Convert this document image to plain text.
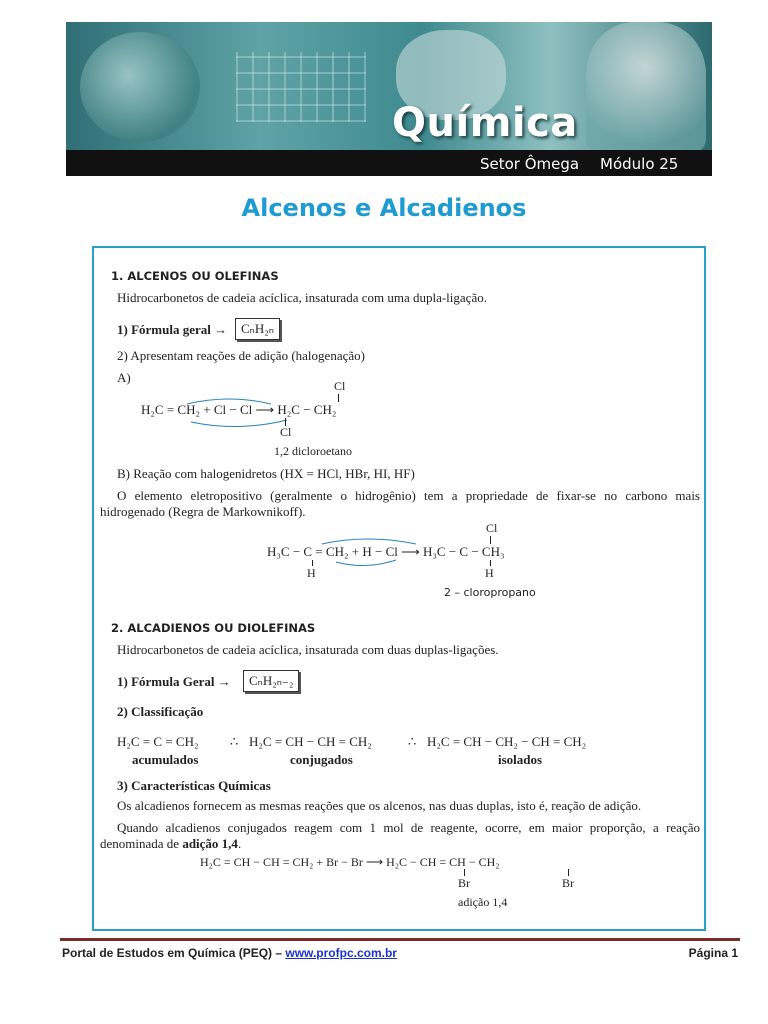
Química
Setor Ômega Módulo 25
Alcenos e Alcadienos
1. ALCENOS OU OLEFINAS
Hidrocarbonetos de cadeia acíclica, insaturada com uma dupla-ligação.
1) Fórmula geral →	CₙH₂ₙ
2) Apresentam reações de adição (halogenação)
A)
Cl
H₂C = CH₂ + Cl − Cl ⟶ H₂C − CH₂
Cl
1,2 dicloroetano
B) Reação com halogenidretos (HX = HCl, HBr, HI, HF)
O elemento eletropositivo (geralmente o hidrogênio) tem a propriedade de fixar-se no carbono mais hidrogenado (Regra de Markownikoff).
Cl
H₃C − C = CH₂ + H − Cl ⟶ H₃C − C − CH₃
H	H
2 – cloropropano
2. ALCADIENOS OU DIOLEFINAS
Hidrocarbonetos de cadeia acíclica, insaturada com duas duplas-ligações.
1) Fórmula Geral →	CₙH₂ₙ₋₂
2) Classificação
H₂C = C = CH₂ ∴ H₂C = CH − CH = CH₂	∴ H₂C = CH − CH₂ − CH = CH₂
acumulados	conjugados	isolados
3) Características Químicas
Os alcadienos fornecem as mesmas reações que os alcenos, nas duas duplas, isto é, reação de adição.
Quando alcadienos conjugados reagem com 1 mol de reagente, ocorre, em maior proporção, a reação denominada de adição 1,4.
H₂C = CH − CH = CH₂ + Br − Br ⟶ H₂C − CH = CH − CH₂
Br	Br
adição 1,4
Portal de Estudos em Química (PEQ) – www.profpc.com.br	Página 1
